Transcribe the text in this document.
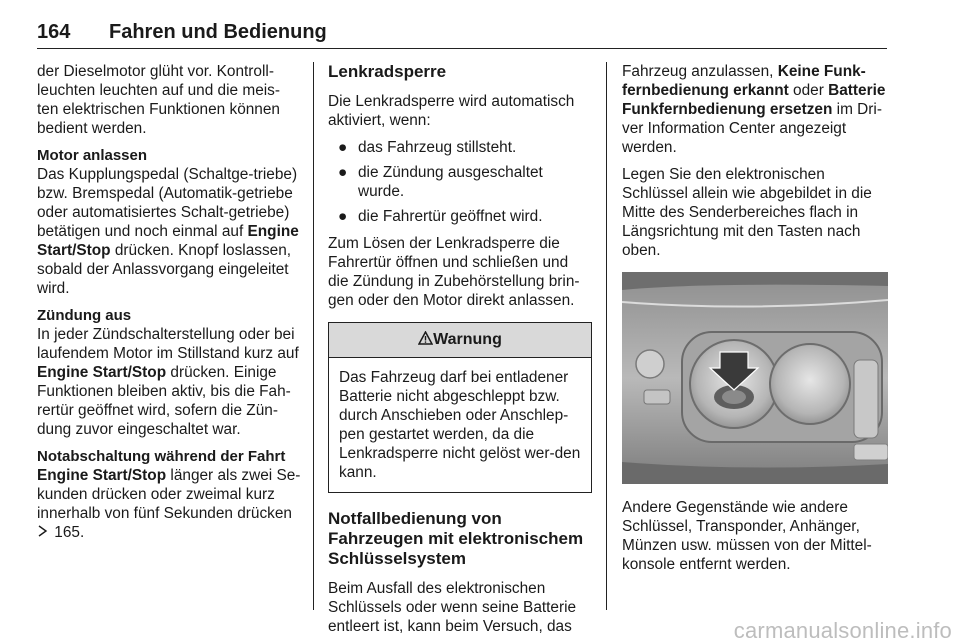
164 Fahren und Bedienung

der Dieselmotor glüht vor. Kontroll-leuchten leuchten auf und die meis-ten elektrischen Funktionen können bedient werden.

Motor anlassen

Das Kupplungspedal (Schaltge-triebe) bzw. Bremspedal (Automatik-getriebe oder automatisiertes Schalt-getriebe) betätigen und noch einmal auf Engine Start/Stop drücken. Knopf loslassen, sobald der Anlassvorgang eingeleitet wird.

Zündung aus

In jeder Zündschalterstellung oder bei laufendem Motor im Stillstand kurz auf Engine Start/Stop drücken. Einige Funktionen bleiben aktiv, bis die Fah-rertür geöffnet wird, sofern die Zün-dung zuvor eingeschaltet war.

Notabschaltung während der Fahrt

Engine Start/Stop länger als zwei Se-kunden drücken oder zweimal kurz innerhalb von fünf Sekunden drücken  165.

Lenkradsperre

Die Lenkradsperre wird automatisch aktiviert, wenn:

● das Fahrzeug stillsteht.
● die Zündung ausgeschaltet wurde.
● die Fahrertür geöffnet wird.

Zum Lösen der Lenkradsperre die Fahrertür öffnen und schließen und die Zündung in Zubehörstellung brin-gen oder den Motor direkt anlassen.

Warnung
Das Fahrzeug darf bei entladener Batterie nicht abgeschleppt bzw. durch Anschieben oder Anschlep-pen gestartet werden, da die Lenkradsperre nicht gelöst wer-den kann.
Notfallbedienung von Fahrzeugen mit elektronischem Schlüsselsystem

Beim Ausfall des elektronischen Schlüssels oder wenn seine Batterie entleert ist, kann beim Versuch, das

Fahrzeug anzulassen, Keine Funk-fernbedienung erkannt oder Batterie Funkfernbedienung ersetzen im Dri-ver Information Center angezeigt werden.

Legen Sie den elektronischen Schlüssel allein wie abgebildet in die Mitte des Senderbereiches flach in Längsrichtung mit den Tasten nach oben.

Andere Gegenstände wie andere Schlüssel, Transponder, Anhänger, Münzen usw. müssen von der Mittel-konsole entfernt werden.

carmanualsonline.info
